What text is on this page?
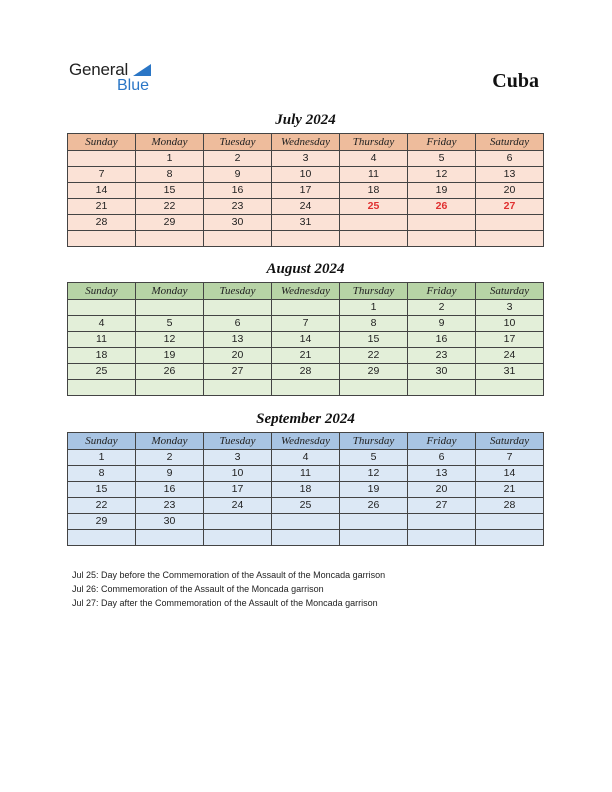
General
Blue	Cuba
July 2024
Sunday	Monday	Tuesday	Wednesday	Thursday	Friday	Saturday
	1	2	3	4	5	6
7	8	9	10	11	12	13
14	15	16	17	18	19	20
21	22	23	24	25	26	27
28	29	30	31			

August 2024
Sunday	Monday	Tuesday	Wednesday	Thursday	Friday	Saturday
				1	2	3
4	5	6	7	8	9	10
11	12	13	14	15	16	17
18	19	20	21	22	23	24
25	26	27	28	29	30	31

September 2024
Sunday	Monday	Tuesday	Wednesday	Thursday	Friday	Saturday
1	2	3	4	5	6	7
8	9	10	11	12	13	14
15	16	17	18	19	20	21
22	23	24	25	26	27	28
29	30					

Jul 25: Day before the Commemoration of the Assault of the Moncada garrison
Jul 26: Commemoration of the Assault of the Moncada garrison
Jul 27: Day after the Commemoration of the Assault of the Moncada garrison
